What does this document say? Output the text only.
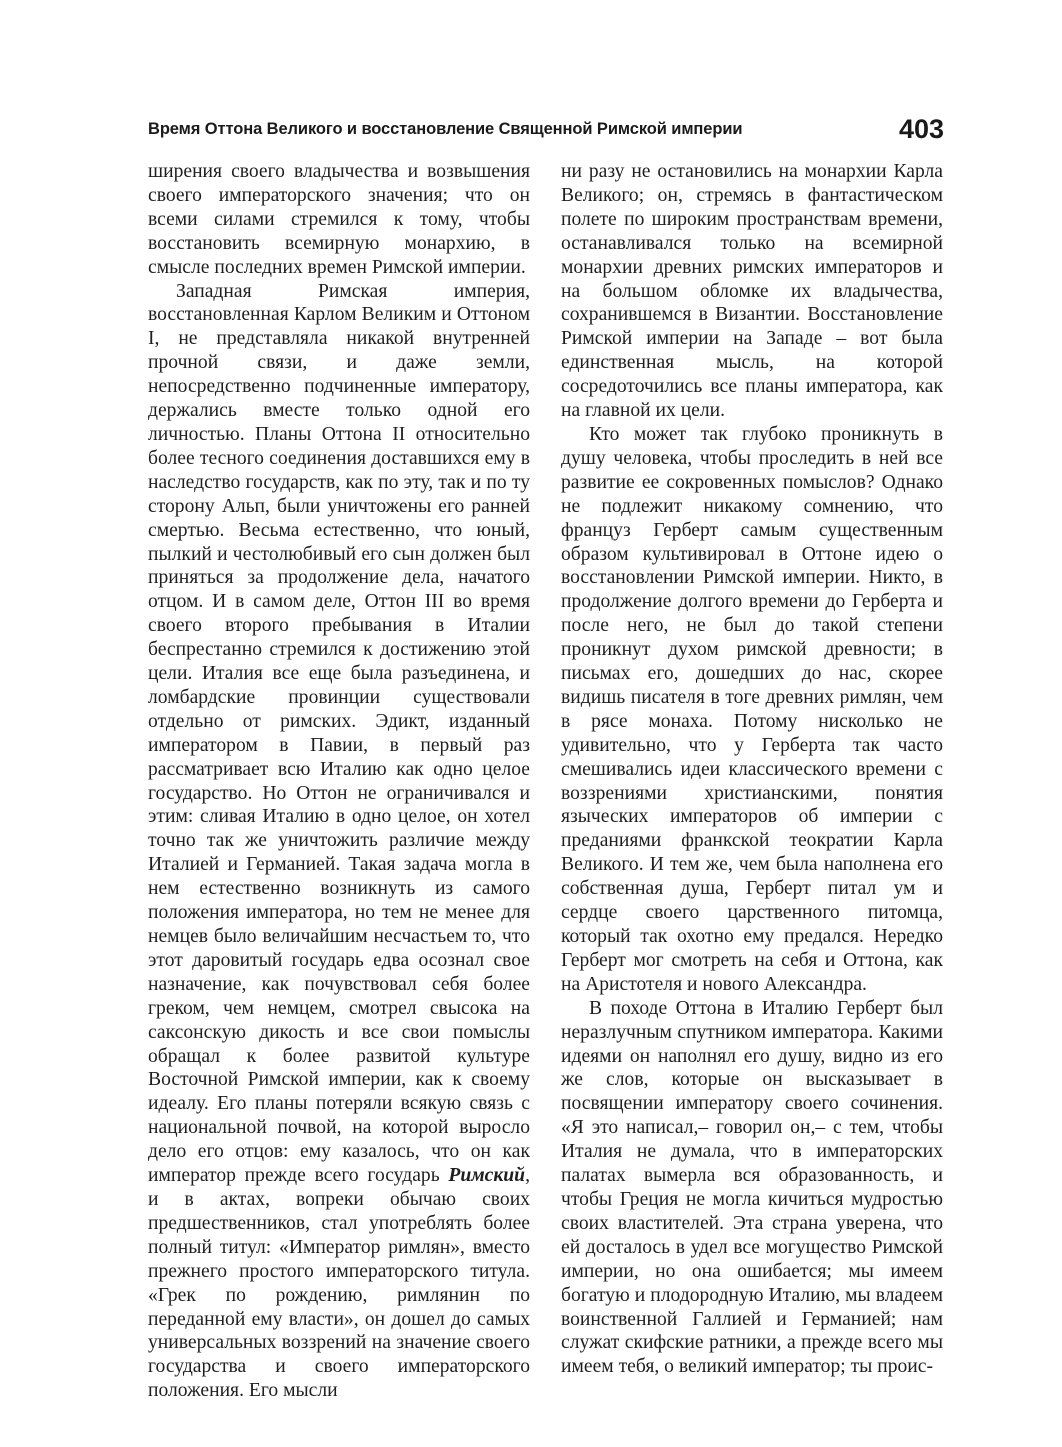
Время Оттона Великого и восстановление Священной Римской империи	403

ширения своего владычества и возвышения своего императорского значения; что он всеми силами стремился к тому, чтобы восстановить всемирную монархию, в смысле последних времен Римской империи.

Западная Римская империя, восстановленная Карлом Великим и Оттоном I, не представляла никакой внутренней прочной связи, и даже земли, непосредственно подчиненные императору, держались вместе только одной его личностью. Планы Оттона II относительно более тесного соединения доставшихся ему в наследство государств, как по эту, так и по ту сторону Альп, были уничтожены его ранней смертью. Весьма естественно, что юный, пылкий и честолюбивый его сын должен был приняться за продолжение дела, начатого отцом. И в самом деле, Оттон III во время своего второго пребывания в Италии беспрестанно стремился к достижению этой цели. Италия все еще была разъединена, и ломбардские провинции существовали отдельно от римских. Эдикт, изданный императором в Павии, в первый раз рассматривает всю Италию как одно целое государство. Но Оттон не ограничивался и этим: сливая Италию в одно целое, он хотел точно так же уничтожить различие между Италией и Германией. Такая задача могла в нем естественно возникнуть из самого положения императора, но тем не менее для немцев было величайшим несчастьем то, что этот даровитый государь едва осознал свое назначение, как почувствовал себя более греком, чем немцем, смотрел свысока на саксонскую дикость и все свои помыслы обращал к более развитой культуре Восточной Римской империи, как к своему идеалу. Его планы потеряли всякую связь с национальной почвой, на которой выросло дело его отцов: ему казалось, что он как император прежде всего государь Римский, и в актах, вопреки обычаю своих предшественников, стал употреблять более полный титул: «Император римлян», вместо прежнего простого императорского титула. «Грек по рождению, римлянин по переданной ему власти», он дошел до самых универсальных воззрений на значение своего государства и своего императорского положения. Его мысли

ни разу не остановились на монархии Карла Великого; он, стремясь в фантастическом полете по широким пространствам времени, останавливался только на всемирной монархии древних римских императоров и на большом обломке их владычества, сохранившемся в Византии. Восстановление Римской империи на Западе – вот была единственная мысль, на которой сосредоточились все планы императора, как на главной их цели.

Кто может так глубоко проникнуть в душу человека, чтобы проследить в ней все развитие ее сокровенных помыслов? Однако не подлежит никакому сомнению, что француз Герберт самым существенным образом культивировал в Оттоне идею о восстановлении Римской империи. Никто, в продолжение долгого времени до Герберта и после него, не был до такой степени проникнут духом римской древности; в письмах его, дошедших до нас, скорее видишь писателя в тоге древних римлян, чем в рясе монаха. Потому нисколько не удивительно, что у Герберта так часто смешивались идеи классического времени с воззрениями христианскими, понятия языческих императоров об империи с преданиями франкской теократии Карла Великого. И тем же, чем была наполнена его собственная душа, Герберт питал ум и сердце своего царственного питомца, который так охотно ему предался. Нередко Герберт мог смотреть на себя и Оттона, как на Аристотеля и нового Александра.

В походе Оттона в Италию Герберт был неразлучным спутником императора. Какими идеями он наполнял его душу, видно из его же слов, которые он высказывает в посвящении императору своего сочинения. «Я это написал,– говорил он,– с тем, чтобы Италия не думала, что в императорских палатах вымерла вся образованность, и чтобы Греция не могла кичиться мудростью своих властителей. Эта страна уверена, что ей досталось в удел все могущество Римской империи, но она ошибается; мы имеем богатую и плодородную Италию, мы владеем воинственной Галлией и Германией; нам служат скифские ратники, а прежде всего мы имеем тебя, о великий император; ты проис-
